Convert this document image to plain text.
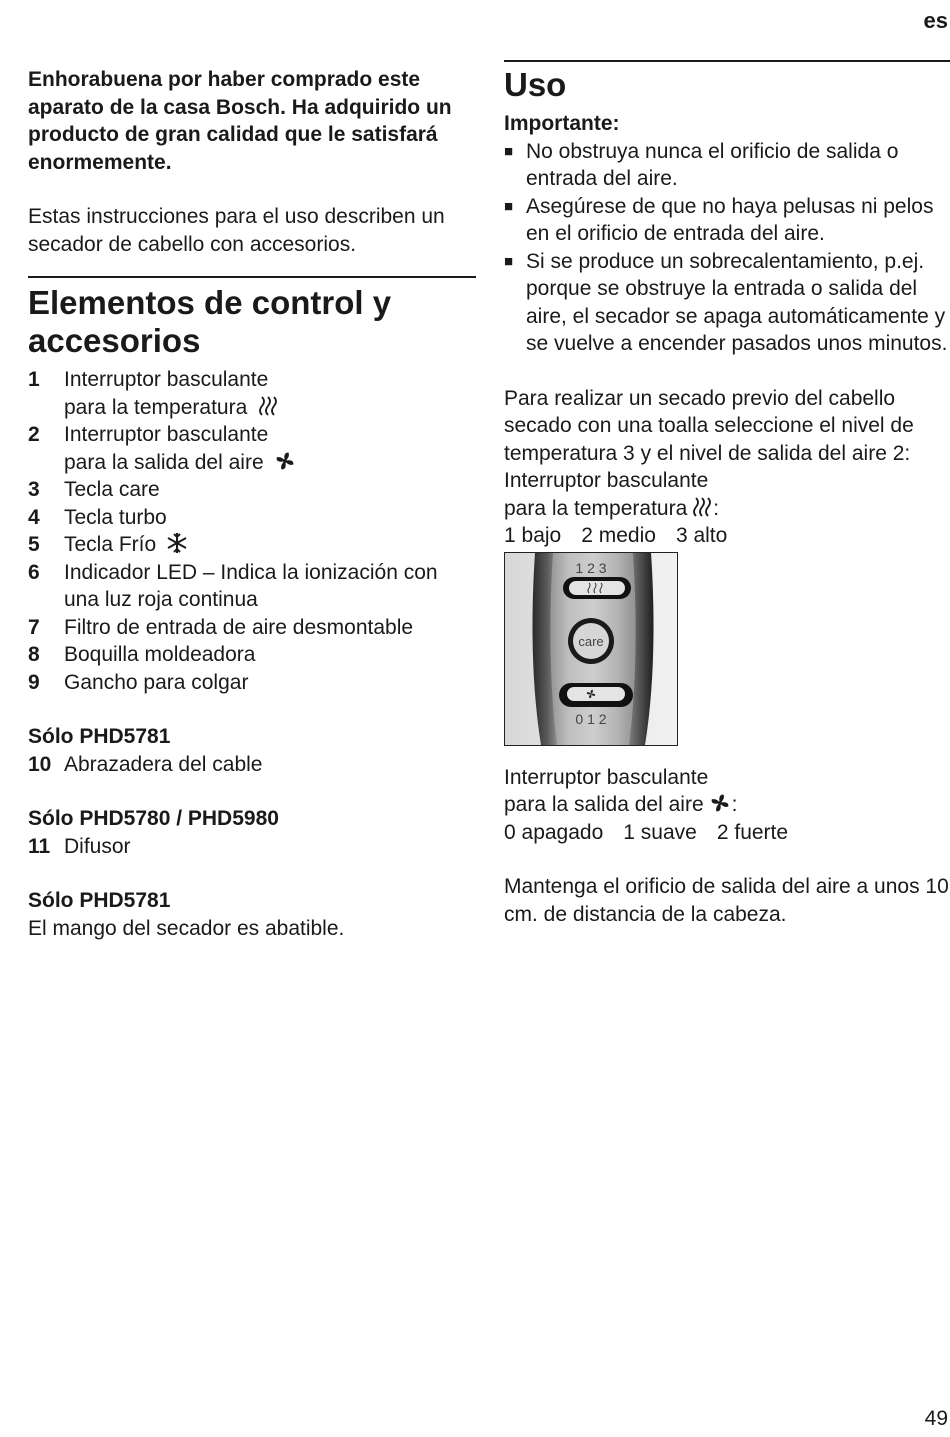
es

Enhorabuena por haber comprado este aparato de la casa Bosch. Ha adquirido un producto de gran calidad que le satisfará enormemente.

Estas instrucciones para el uso describen un secador de cabello con accesorios.

Elementos de control y accesorios
1	Interruptor basculante
para la temperatura
2	Interruptor basculante
para la salida del aire
3	Tecla care
4	Tecla turbo
5	Tecla Frío
6	Indicador LED – Indica la ionización con una luz roja continua
7	Filtro de entrada de aire desmontable
8	Boquilla moldeadora
9	Gancho para colgar

Sólo PHD5781

10 Abrazadera del cable

Sólo PHD5780 / PHD5980

11 Difusor

Sólo PHD5781

El mango del secador es abatible.

Uso

Importante:

■ No obstruya nunca el orificio de salida o entrada del aire.
■ Asegúrese de que no haya pelusas ni pelos en el orificio de entrada del aire.
■ Si se produce un sobrecalentamiento, p.ej. porque se obstruye la entrada o salida del aire, el secador se apaga automáticamente y se vuelve a encender pasados unos minutos.

Para realizar un secado previo del cabello secado con una toalla seleccione el nivel de temperatura 3 y el nivel de salida del aire 2:

Interruptor basculante

para la temperatura :

1 bajo 2 medio 3 alto

1 2 3
care
0 1 2

Interruptor basculante

para la salida del aire :

0 apagado 1 suave 2 fuerte

Mantenga el orificio de salida del aire a unos 10 cm. de distancia de la cabeza.

49
